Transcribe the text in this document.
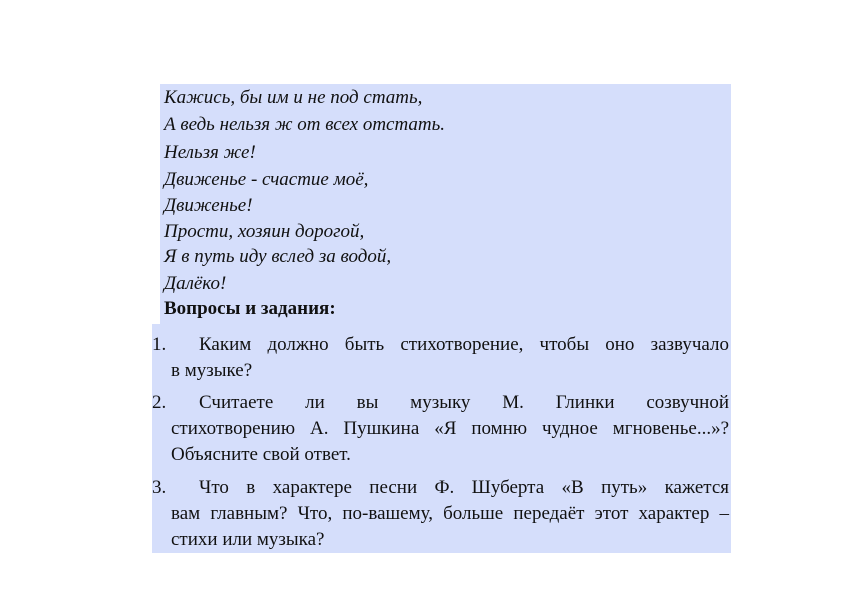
Кажись, бы им и не под стать,
А ведь нельзя ж от всех отстать.
Нельзя же!
Движенье - счастие моё,
Движенье!
Прости, хозяин дорогой,
Я в путь иду вслед за водой,
Далёко!
Вопросы и задания:
1.	Каким должно быть стихотворение, чтобы оно зазвучало
в музыке?
2.	Считаете ли вы музыку М. Глинки созвучной
стихотворению А. Пушкина «Я помню чудное мгновенье...»? Объясните свой ответ.
3.	Что в характере песни Ф. Шуберта «В путь» кажется
вам главным? Что, по-вашему, больше передаёт этот характер – стихи или музыка?
